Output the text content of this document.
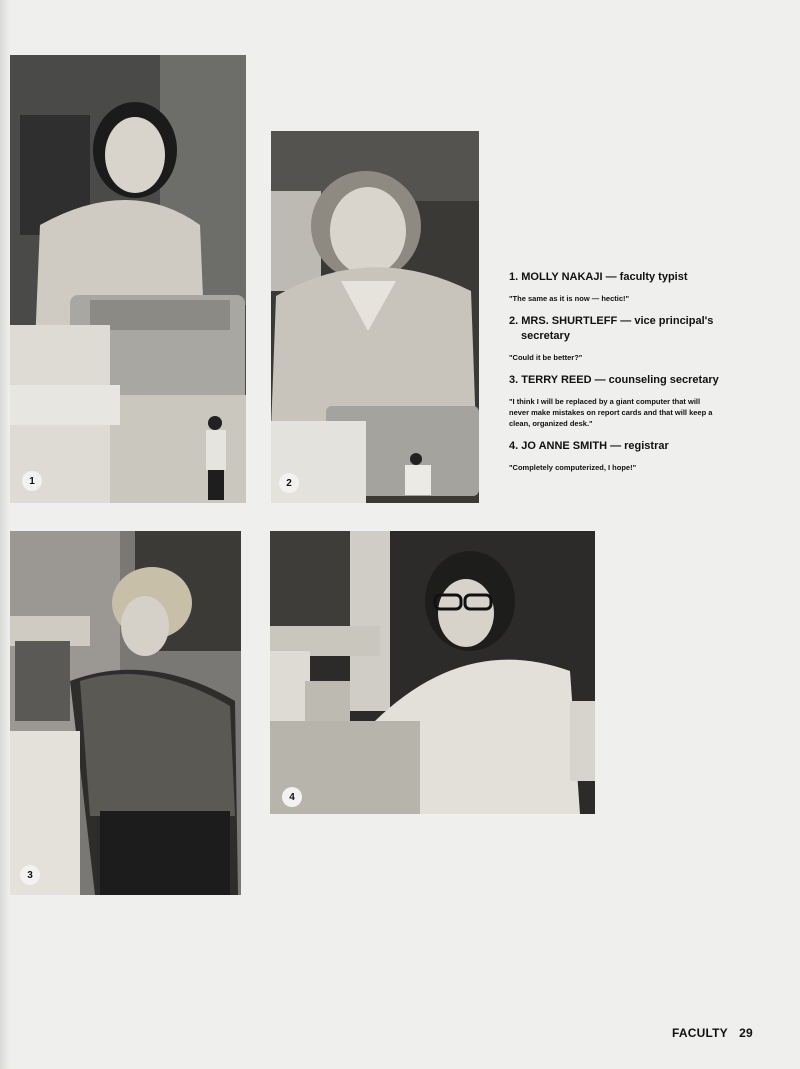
1	2
3
4

1. MOLLY NAKAJI — faculty typist

"The same as it is now — hectic!"

2. MRS. SHURTLEFF — vice principal's
secretary

"Could it be better?"

3. TERRY REED — counseling secretary

"I think I will be replaced by a giant computer that will never make mistakes on report cards and that will keep a clean, organized desk."

4. JO ANNE SMITH — registrar

"Completely computerized, I hope!"

FACULTY 29
